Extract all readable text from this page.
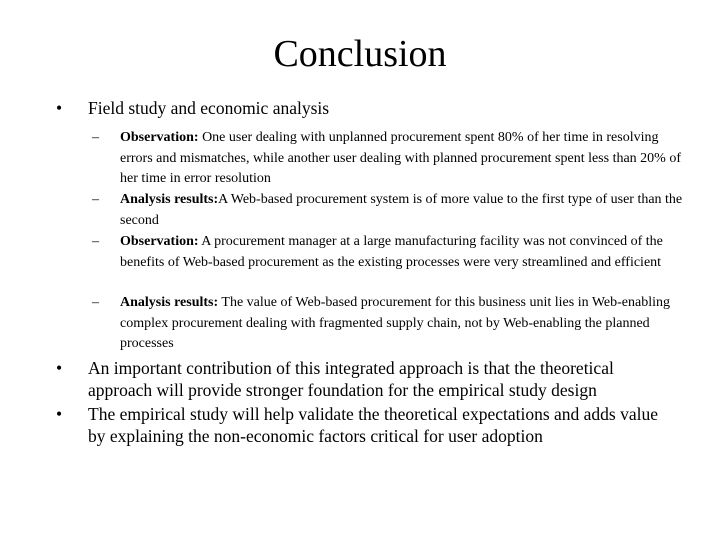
Conclusion
• Field study and economic analysis
– Observation: One user dealing with unplanned procurement spent 80% of her time in resolving errors and mismatches, while another user dealing with planned procurement spent less than 20% of her time in error resolution
– Analysis results:A Web-based procurement system is of more value to the first type of user than the second
– Observation: A procurement manager at a large manufacturing facility was not convinced of the benefits of Web-based procurement as the existing processes were very streamlined and efficient
– Analysis results: The value of Web-based procurement for this business unit lies in Web-enabling complex procurement dealing with fragmented supply chain, not by Web-enabling the planned processes
• An important contribution of this integrated approach is that the theoretical approach will provide stronger foundation for the empirical study design
• The empirical study will help validate the theoretical expectations and adds value by explaining the non-economic factors critical for user adoption
